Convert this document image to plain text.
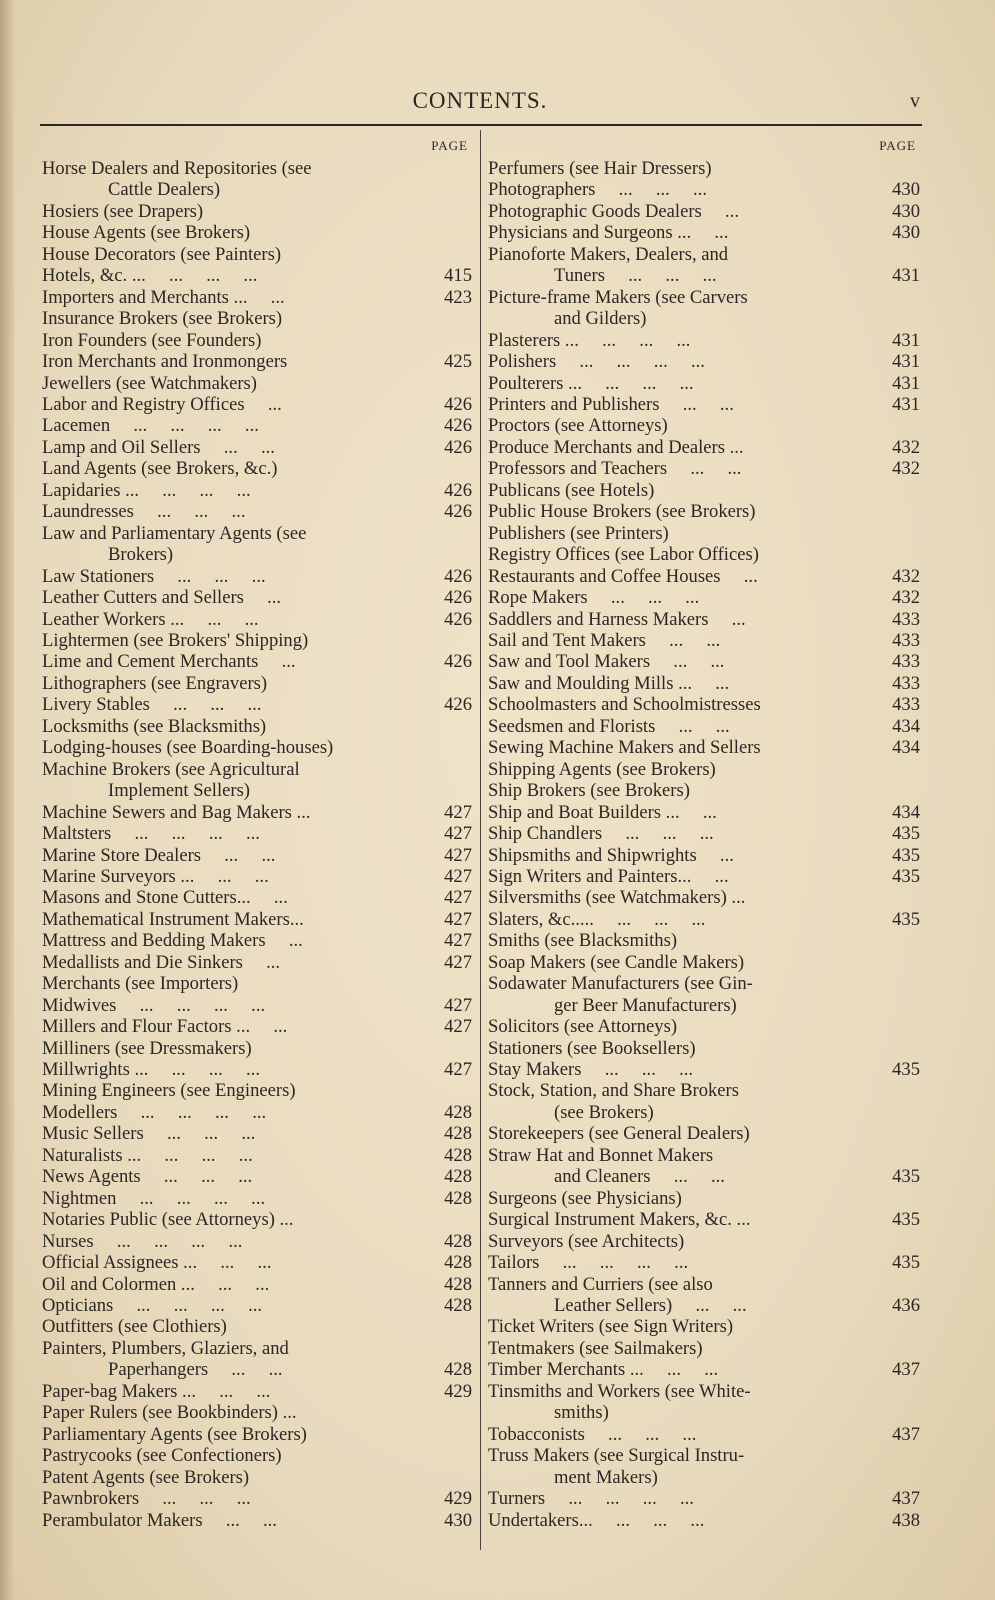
CONTENTS.	v
PAGE
Horse Dealers and Repositories (see
Cattle Dealers)
Hosiers (see Drapers)
House Agents (see Brokers)
House Decorators (see Painters)
Hotels, &c. ...     ...     ...     ...	415
Importers and Merchants ...     ...	423
Insurance Brokers (see Brokers)
Iron Founders (see Founders)
Iron Merchants and Ironmongers	425
Jewellers (see Watchmakers)
Labor and Registry Offices     ...	426
Lacemen     ...     ...     ...     ...	426
Lamp and Oil Sellers     ...     ...	426
Land Agents (see Brokers, &c.)
Lapidaries ...     ...     ...     ...	426
Laundresses     ...     ...     ...	426
Law and Parliamentary Agents (see
Brokers)
Law Stationers     ...     ...     ...	426
Leather Cutters and Sellers     ...	426
Leather Workers ...     ...     ...	426
Lightermen (see Brokers' Shipping)
Lime and Cement Merchants     ...	426
Lithographers (see Engravers)
Livery Stables     ...     ...     ...	426
Locksmiths (see Blacksmiths)
Lodging-houses (see Boarding-houses)
Machine Brokers (see Agricultural
Implement Sellers)
Machine Sewers and Bag Makers ...	427
Maltsters     ...     ...     ...     ...	427
Marine Store Dealers     ...     ...	427
Marine Surveyors ...     ...     ...	427
Masons and Stone Cutters...     ...	427
Mathematical Instrument Makers...	427
Mattress and Bedding Makers     ...	427
Medallists and Die Sinkers     ...	427
Merchants (see Importers)
Midwives     ...     ...     ...     ...	427
Millers and Flour Factors ...     ...	427
Milliners (see Dressmakers)
Millwrights ...     ...     ...     ...	427
Mining Engineers (see Engineers)
Modellers     ...     ...     ...     ...	428
Music Sellers     ...     ...     ...	428
Naturalists ...     ...     ...     ...	428
News Agents     ...     ...     ...	428
Nightmen     ...     ...     ...     ...	428
Notaries Public (see Attorneys) ...
Nurses     ...     ...     ...     ...	428
Official Assignees ...     ...     ...	428
Oil and Colormen ...     ...     ...	428
Opticians     ...     ...     ...     ...	428
Outfitters (see Clothiers)
Painters, Plumbers, Glaziers, and
Paperhangers     ...     ...	428
Paper-bag Makers ...     ...     ...	429
Paper Rulers (see Bookbinders) ...
Parliamentary Agents (see Brokers)
Pastrycooks (see Confectioners)
Patent Agents (see Brokers)
Pawnbrokers     ...     ...     ...	429
Perambulator Makers     ...     ...	430
PAGE
Perfumers (see Hair Dressers)
Photographers     ...     ...     ...	430
Photographic Goods Dealers     ...	430
Physicians and Surgeons ...     ...	430
Pianoforte Makers, Dealers, and
Tuners     ...     ...     ...	431
Picture-frame Makers (see Carvers
and Gilders)
Plasterers ...     ...     ...     ...	431
Polishers     ...     ...     ...     ...	431
Poulterers ...     ...     ...     ...	431
Printers and Publishers     ...     ...	431
Proctors (see Attorneys)
Produce Merchants and Dealers ...	432
Professors and Teachers     ...     ...	432
Publicans (see Hotels)
Public House Brokers (see Brokers)
Publishers (see Printers)
Registry Offices (see Labor Offices)
Restaurants and Coffee Houses     ...	432
Rope Makers     ...     ...     ...	432
Saddlers and Harness Makers     ...	433
Sail and Tent Makers     ...     ...	433
Saw and Tool Makers     ...     ...	433
Saw and Moulding Mills ...     ...	433
Schoolmasters and Schoolmistresses	433
Seedsmen and Florists     ...     ...	434
Sewing Machine Makers and Sellers	434
Shipping Agents (see Brokers)
Ship Brokers (see Brokers)
Ship and Boat Builders ...     ...	434
Ship Chandlers     ...     ...     ...	435
Shipsmiths and Shipwrights     ...	435
Sign Writers and Painters...     ...	435
Silversmiths (see Watchmakers) ...
Slaters, &c.....     ...     ...     ...	435
Smiths (see Blacksmiths)
Soap Makers (see Candle Makers)
Sodawater Manufacturers (see Gin-
ger Beer Manufacturers)
Solicitors (see Attorneys)
Stationers (see Booksellers)
Stay Makers     ...     ...     ...	435
Stock, Station, and Share Brokers
(see Brokers)
Storekeepers (see General Dealers)
Straw Hat and Bonnet Makers
and Cleaners     ...     ...	435
Surgeons (see Physicians)
Surgical Instrument Makers, &c. ...	435
Surveyors (see Architects)
Tailors     ...     ...     ...     ...	435
Tanners and Curriers (see also
Leather Sellers)     ...     ...	436
Ticket Writers (see Sign Writers)
Tentmakers (see Sailmakers)
Timber Merchants ...     ...     ...	437
Tinsmiths and Workers (see White-
smiths)
Tobacconists     ...     ...     ...	437
Truss Makers (see Surgical Instru-
ment Makers)
Turners     ...     ...     ...     ...	437
Undertakers...     ...     ...     ...	438
